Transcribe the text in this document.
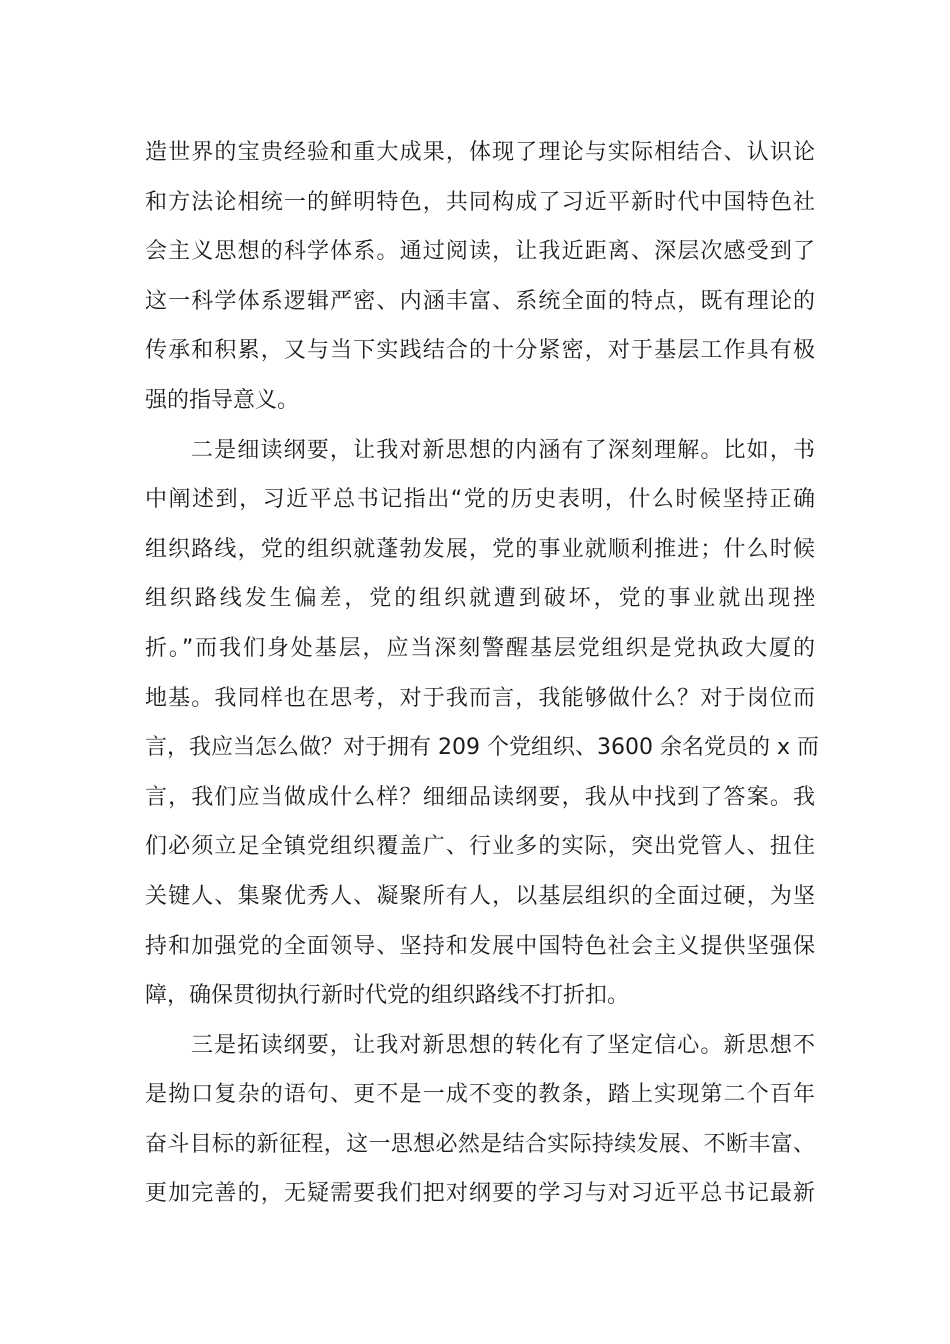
造世界的宝贵经验和重大成果，体现了理论与实际相结合、认识论
和方法论相统一的鲜明特色，共同构成了习近平新时代中国特色社
会主义思想的科学体系。通过阅读，让我近距离、深层次感受到了
这一科学体系逻辑严密、内涵丰富、系统全面的特点，既有理论的
传承和积累，又与当下实践结合的十分紧密，对于基层工作具有极
强的指导意义。
二是细读纲要，让我对新思想的内涵有了深刻理解。比如，书
中阐述到，习近平总书记指出“党的历史表明，什么时候坚持正确
组织路线，党的组织就蓬勃发展，党的事业就顺利推进；什么时候
组织路线发生偏差，党的组织就遭到破坏，党的事业就出现挫
折。”而我们身处基层，应当深刻警醒基层党组织是党执政大厦的
地基。我同样也在思考，对于我而言，我能够做什么？对于岗位而
言，我应当怎么做？对于拥有 209 个党组织、3600 余名党员的 x 而
言，我们应当做成什么样？细细品读纲要，我从中找到了答案。我
们必须立足全镇党组织覆盖广、行业多的实际，突出党管人、扭住
关键人、集聚优秀人、凝聚所有人，以基层组织的全面过硬，为坚
持和加强党的全面领导、坚持和发展中国特色社会主义提供坚强保
障，确保贯彻执行新时代党的组织路线不打折扣。
三是拓读纲要，让我对新思想的转化有了坚定信心。新思想不
是拗口复杂的语句、更不是一成不变的教条，踏上实现第二个百年
奋斗目标的新征程，这一思想必然是结合实际持续发展、不断丰富、
更加完善的，无疑需要我们把对纲要的学习与对习近平总书记最新
